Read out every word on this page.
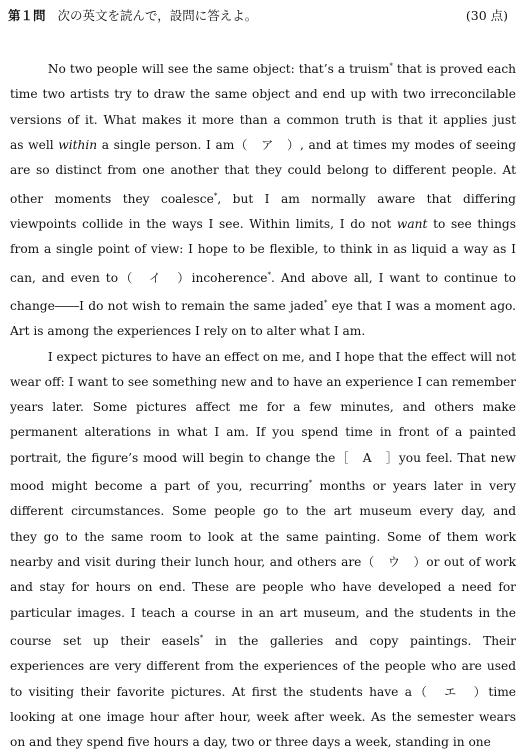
第１問 次の英文を読んで，設問に答えよ。	(30 点)
No two people will see the same object: that’s a truism* that is proved each
time two artists try to draw the same object and end up with two irreconcilable
versions of it. What makes it more than a common truth is that it applies just
as well within a single person. I am（　ア　）, and at times my modes of seeing
are so distinct from one another that they could belong to different people. At
other moments they coalesce*, but I am normally aware that differing
viewpoints collide in the ways I see. Within limits, I do not want to see things
from a single point of view: I hope to be flexible, to think in as liquid a way as I
can, and even to（　イ　）incoherence*. And above all, I want to continue to
change――I do not wish to remain the same jaded* eye that I was a moment ago.
Art is among the experiences I rely on to alter what I am.
I expect pictures to have an effect on me, and I hope that the effect will not
wear off: I want to see something new and to have an experience I can remember
years later. Some pictures affect me for a few minutes, and others make
permanent alterations in what I am. If you spend time in front of a painted
portrait, the figure’s mood will begin to change the［　A　］you feel. That new
mood might become a part of you, recurring* months or years later in very
different circumstances. Some people go to the art museum every day, and
they go to the same room to look at the same painting. Some of them work
nearby and visit during their lunch hour, and others are（　ウ　）or out of work
and stay for hours on end. These are people who have developed a need for
particular images. I teach a course in an art museum, and the students in the
course set up their easels* in the galleries and copy paintings. Their
experiences are very different from the experiences of the people who are used
to visiting their favorite pictures. At first the students have a（　エ　）time
looking at one image hour after hour, week after week. As the semester wears
on and they spend five hours a day, two or three days a week, standing in one
